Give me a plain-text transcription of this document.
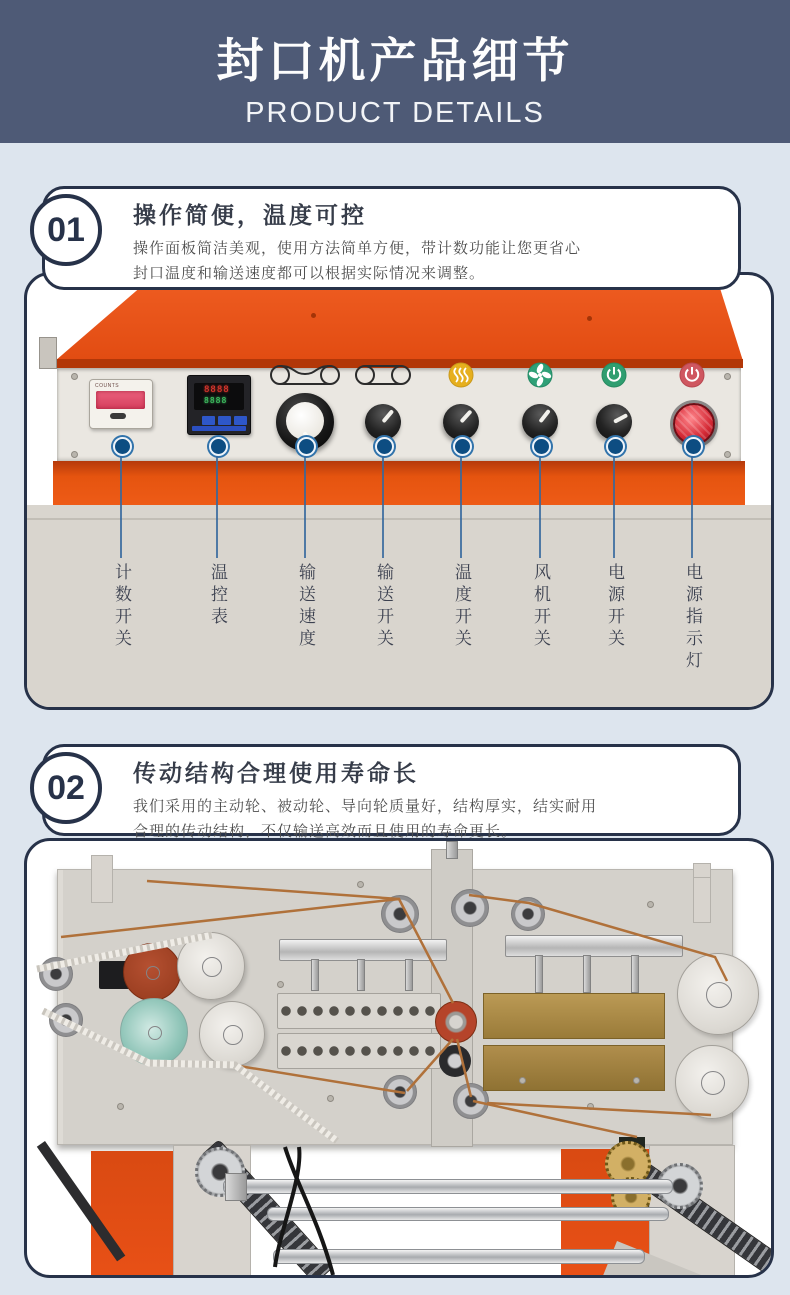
封口机产品细节
PRODUCT DETAILS
COUNTS	8888
8888
计数开关	温控表	输送速度	输送开关	温度开关	风机开关	电源开关	电源指示灯
操作简便，温度可控
操作面板简洁美观，使用方法简单方便，带计数功能让您更省心
封口温度和输送速度都可以根据实际情况来调整。
01
传动结构合理使用寿命长
我们采用的主动轮、被动轮、导向轮质量好，结构厚实，结实耐用
合理的传动结构，不仅输送高效而且使用的寿命更长。
02
